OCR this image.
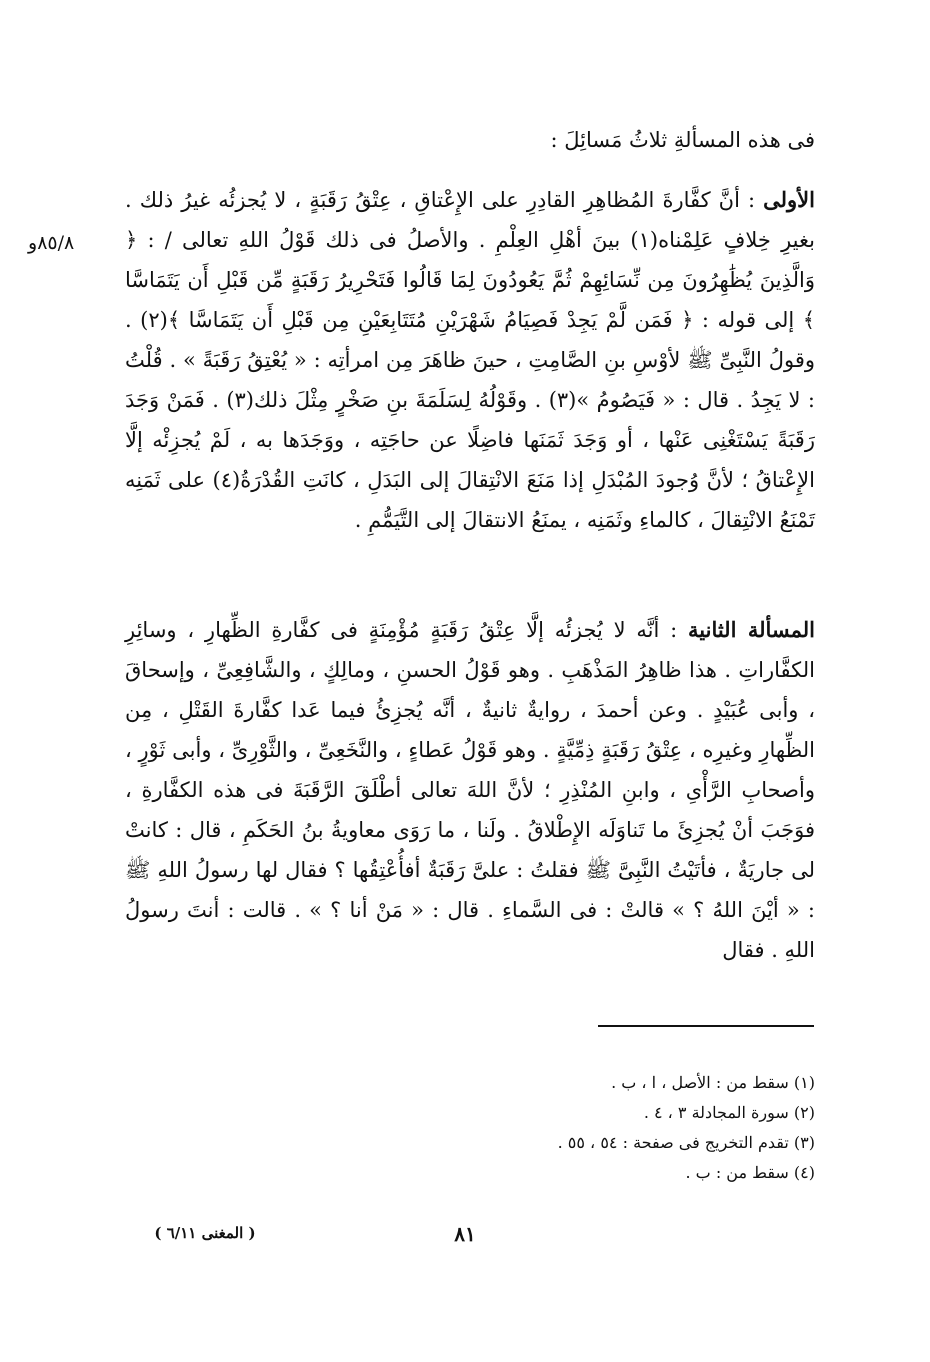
فى هذه المسألةِ ثلاثُ مَسائِلَ :
٨٥/٨و

الأولى : أنَّ كفَّارةَ المُظاهِرِ القادِرِ على الإِعْتاقِ ، عِتْقُ رَقَبَةٍ ، لا يُجزئُه غيرُ ذلك . بغيرِ خِلافٍ عَلِمْناه(١) بينَ أهْلِ العِلْمِ . والأصلُ فى ذلك قَوْلُ اللهِ تعالى / : ﴿ وَالَّذِينَ يُظَٰهِرُونَ مِن نِّسَائِهِمْ ثُمَّ يَعُودُونَ لِمَا قَالُوا فَتَحْرِيرُ رَقَبَةٍ مِّن قَبْلِ أَن يَتَمَاسَّا ﴾ إلى قوله : ﴿ فَمَن لَّمْ يَجِدْ فَصِيَامُ شَهْرَيْنِ مُتَتَابِعَيْنِ مِن قَبْلِ أَن يَتَمَاسَّا ﴾(٢) . وقولُ النَّبِىِّ ﷺ لأوْسِ بنِ الصَّامِتِ ، حينَ ظاهَرَ مِن امرأتِه : « يُعْتِقُ رَقَبَةً » . قُلْتُ : لا يَجِدُ . قال : « فَيَصُومُ »(٣) . وقَوْلُهُ لِسَلَمَةَ بنِ صَخْرٍ مِثْلَ ذلك(٣) . فَمَنْ وَجَدَ رَقَبَةً يَسْتَغْنِى عَنْها ، أو وَجَدَ ثَمَنَها فاضِلًا عن حاجَتِه ، ووَجَدَها به ، لَمْ يُجزِئْه إلَّا الإِعْتاقُ ؛ لأنَّ وُجودَ المُبْدَلِ إذا مَنَعَ الانْتِقالَ إلى البَدَلِ ، كانَتِ القُدْرَةُ(٤) على ثَمَنِه تَمْنَعُ الانْتِقالَ ، كالماءِ وثَمَنِه ، يمنَعُ الانتقالَ إلى التَّيَمُّمِ .

المسألة الثانية : أنَّه لا يُجزئُه إلَّا عِتْقُ رَقَبَةٍ مُؤْمِنَةٍ فى كفَّارةِ الظِّهارِ ، وسائِرِ الكفَّاراتِ . هذا ظاهِرُ المَذْهَبِ . وهو قَوْلُ الحسنِ ، ومالِكٍ ، والشَّافِعِىِّ ، وإسحاقَ ، وأبى عُبَيْدٍ . وعن أحمدَ ، روايةٌ ثانيةٌ ، أنَّه يُجزِئُ فيما عَدا كفَّارةَ القَتْلِ ، مِن الظِّهارِ وغيرِه ، عِتْقُ رَقَبَةٍ ذِمِّيَّةٍ . وهو قَوْلُ عَطاءٍ ، والنَّخَعِىِّ ، والثَّوْرِىِّ ، وأبى ثَوْرٍ ، وأصحابِ الرَّأْىِ ، وابنِ المُنْذِرِ ؛ لأنَّ اللهَ تعالى أطْلَقَ الرَّقَبَةَ فى هذه الكفَّارةِ ، فوَجَبَ أنْ يُجزِئَ ما تَناوَلَه الإِطْلاقُ . ولَنا ، ما رَوَى معاويةُ بنُ الحَكَمِ ، قال : كانتْ لى جاريَةٌ ، فأتَيْتُ النَّبِىَّ ﷺ فقلتُ : علىَّ رَقَبَةٌ أفأُعْتِقُها ؟ فقال لها رسولُ اللهِ ﷺ : « أيْنَ اللهُ ؟ » قالتْ : فى السَّماءِ . قال : « مَنْ أنا ؟ » . قالت : أنتَ رسولُ اللهِ . فقال

(١) سقط من : الأصل ، ا ، ب .
(٢) سورة المجادلة ٣ ، ٤ .
(٣) تقدم التخريج فى صفحة : ٥٤ ، ٥٥ .
(٤) سقط من : ب .
٨١
( المغنى ٦/١١ )
